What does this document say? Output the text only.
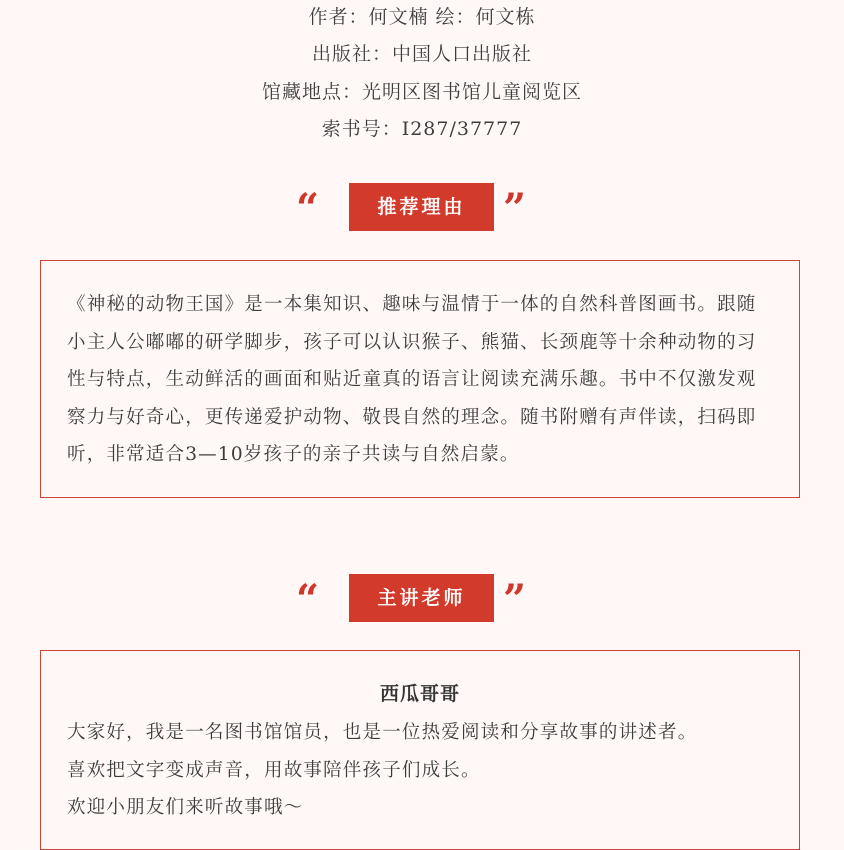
作者：何文楠 绘：何文栋
出版社：中国人口出版社
馆藏地点：光明区图书馆儿童阅览区
索书号：I287/37777
“	推荐理由 ”

《神秘的动物王国》是一本集知识、趣味与温情于一体的自然科普图画书。跟随小主人公嘟嘟的研学脚步，孩子可以认识猴子、熊猫、长颈鹿等十余种动物的习性与特点，生动鲜活的画面和贴近童真的语言让阅读充满乐趣。书中不仅激发观察力与好奇心，更传递爱护动物、敬畏自然的理念。随书附赠有声伴读，扫码即听，非常适合3—10岁孩子的亲子共读与自然启蒙。

“	主讲老师 ”
西瓜哥哥

大家好，我是一名图书馆馆员，也是一位热爱阅读和分享故事的讲述者。

喜欢把文字变成声音，用故事陪伴孩子们成长。

欢迎小朋友们来听故事哦～
